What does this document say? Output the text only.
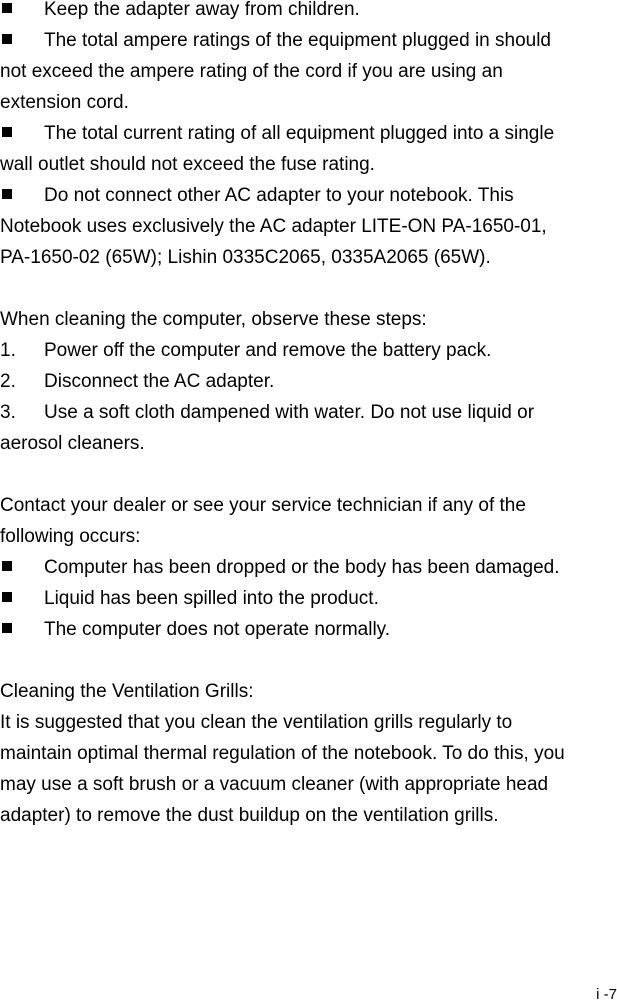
Keep the adapter away from children.
The total ampere ratings of the equipment plugged in should
not exceed the ampere rating of the cord if you are using an
extension cord.
The total current rating of all equipment plugged into a single
wall outlet should not exceed the fuse rating.
Do not connect other AC adapter to your notebook. This
Notebook uses exclusively the AC adapter LITE-ON PA-1650-01,
PA-1650-02 (65W); Lishin 0335C2065, 0335A2065 (65W).
When cleaning the computer, observe these steps:
1. Power off the computer and remove the battery pack.
2. Disconnect the AC adapter.
3. Use a soft cloth dampened with water. Do not use liquid or
aerosol cleaners.
Contact your dealer or see your service technician if any of the
following occurs:
Computer has been dropped or the body has been damaged.
Liquid has been spilled into the product.
The computer does not operate normally.
Cleaning the Ventilation Grills:
It is suggested that you clean the ventilation grills regularly to
maintain optimal thermal regulation of the notebook. To do this, you
may use a soft brush or a vacuum cleaner (with appropriate head
adapter) to remove the dust buildup on the ventilation grills.
i -7
